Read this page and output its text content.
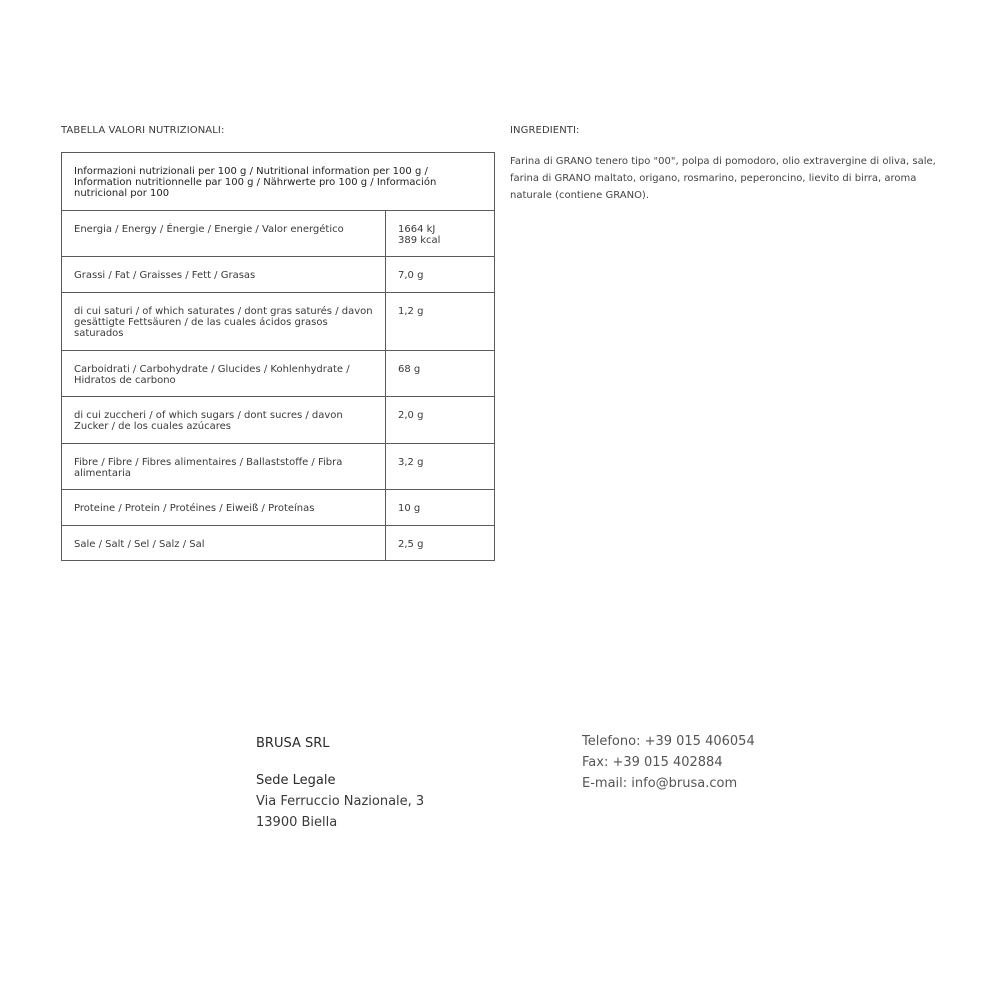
TABELLA VALORI NUTRIZIONALI:	INGREDIENTI:
Informazioni nutrizionali per 100 g / Nutritional information per 100 g / Information nutritionnelle par 100 g / Nährwerte pro 100 g / Información nutricional por 100	
Energia / Energy / Énergie / Energie / Valor energético	1664 kJ
389 kcal

Grassi / Fat / Graisses / Fett / Grasas	7,0 g

di cui saturi / of which saturates / dont gras saturés / davon gesättigte Fettsäuren / de las cuales ácidos grasos saturados	1,2 g

Carboidrati / Carbohydrate / Glucides / Kohlenhydrate / Hidratos de carbono	68 g

di cui zuccheri / of which sugars / dont sucres / davon Zucker / de los cuales azúcares	2,0 g

Fibre / Fibre / Fibres alimentaires / Ballaststoffe / Fibra alimentaria	3,2 g

Proteine / Protein / Protéines / Eiweiß / Proteínas	10 g

Sale / Salt / Sel / Salz / Sal	2,5 g
Farina di GRANO tenero tipo "00", polpa di pomodoro, olio extravergine di oliva, sale, farina di GRANO maltato, origano, rosmarino, peperoncino, lievito di birra, aroma naturale (contiene GRANO).
BRUSA SRL
Sede Legale
Via Ferruccio Nazionale, 3
13900 Biella
Telefono: +39 015 406054
Fax: +39 015 402884
E-mail: info@brusa.com
